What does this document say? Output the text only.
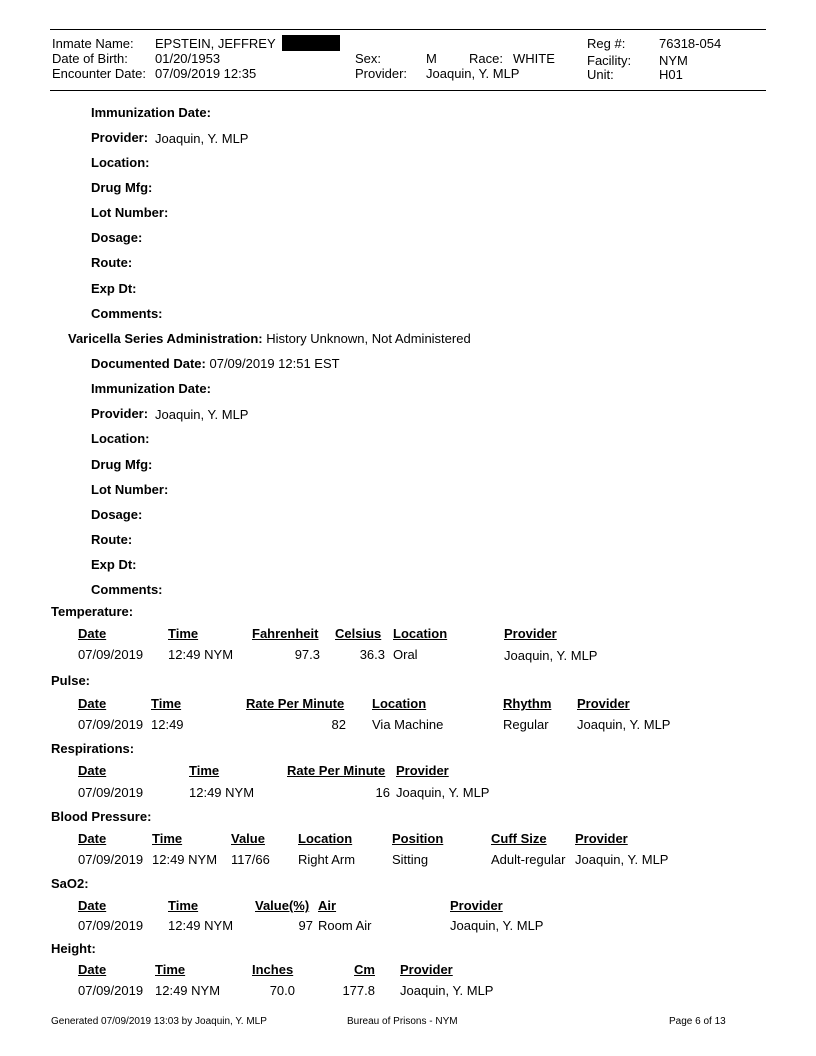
Inmate Name: EPSTEIN, JEFFREY
Date of Birth: 01/20/1953
Encounter Date: 07/09/2019 12:35
Sex:	M Race: WHITE
Provider: Joaquin, Y. MLP
Reg #:	76318-054
Facility: NYM
Unit:	H01
Immunization Date:
Provider: Joaquin, Y. MLP
Location:
Drug Mfg:
Lot Number:
Dosage:
Route:
Exp Dt:
Comments:
Varicella Series Administration: History Unknown, Not Administered
Documented Date: 07/09/2019 12:51 EST
Immunization Date:
Provider: Joaquin, Y. MLP
Location:
Drug Mfg:
Lot Number:
Dosage:
Route:
Exp Dt:
Comments:
Temperature:
Date	Time	Fahrenheit Celsius Location	Provider
07/09/2019 12:49 NYM	97.3	36.3 Oral	Joaquin, Y. MLP
Pulse:
Date	Time	Rate Per Minute Location	Rhythm Provider
07/09/2019 12:49	82 Via Machine	Regular Joaquin, Y. MLP
Respirations:
Date	Time	Rate Per Minute Provider
07/09/2019	12:49 NYM	16 Joaquin, Y. MLP
Blood Pressure:
Date	Time	Value	Location	Position	Cuff Size Provider
07/09/2019 12:49 NYM 117/66 Right Arm	Sitting	Adult-regular Joaquin, Y. MLP
SaO2:
Date	Time	Value(%) Air	Provider
07/09/2019 12:49 NYM	97 Room Air	Joaquin, Y. MLP
Height:
Date	Time	Inches	Cm Provider
07/09/2019 12:49 NYM	70.0	177.8 Joaquin, Y. MLP
Generated 07/09/2019 13:03 by Joaquin, Y. MLP	Bureau of Prisons - NYM	Page 6 of 13
